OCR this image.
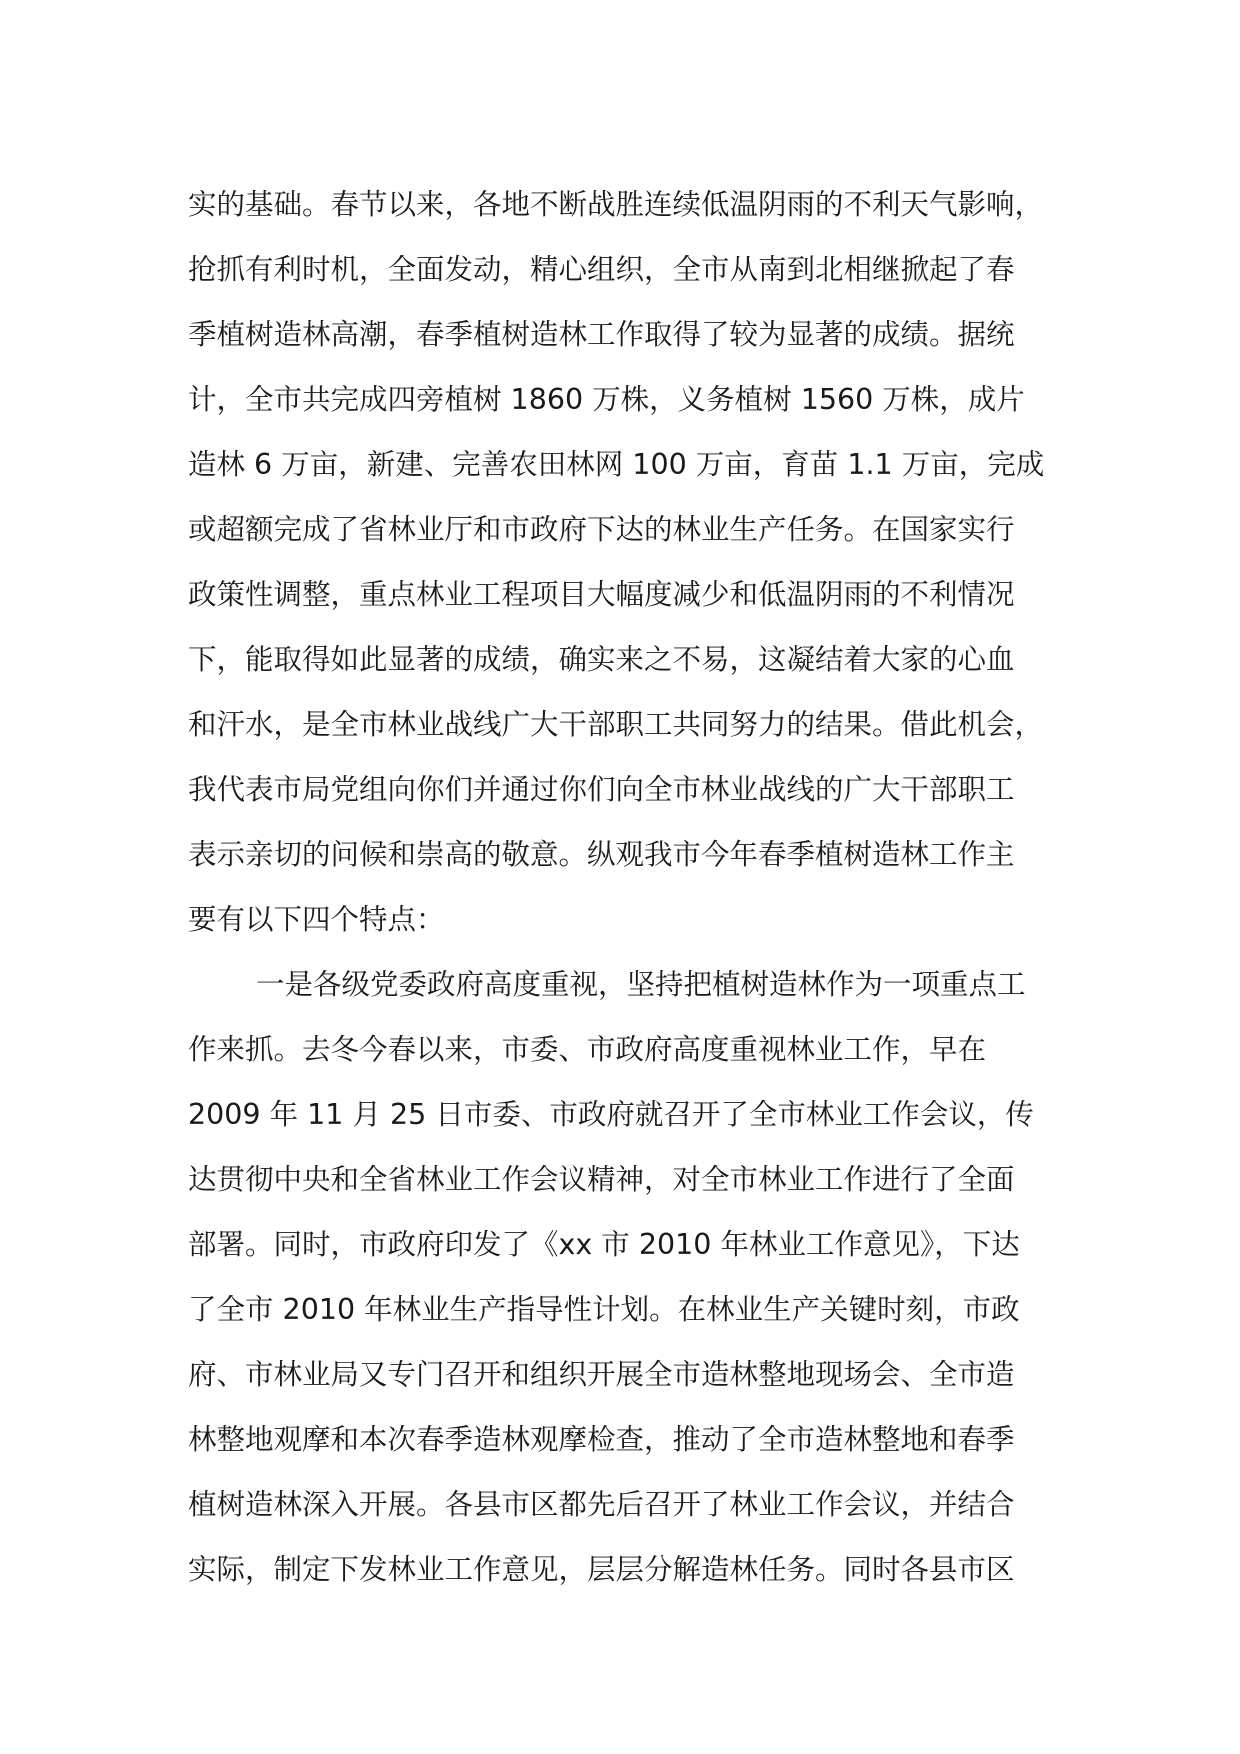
实的基础。春节以来，各地不断战胜连续低温阴雨的不利天气影响，
抢抓有利时机，全面发动，精心组织，全市从南到北相继掀起了春
季植树造林高潮，春季植树造林工作取得了较为显著的成绩。据统
计，全市共完成四旁植树 1860 万株，义务植树 1560 万株，成片
造林 6 万亩，新建、完善农田林网 100 万亩，育苗 1.1 万亩，完成
或超额完成了省林业厅和市政府下达的林业生产任务。在国家实行
政策性调整，重点林业工程项目大幅度减少和低温阴雨的不利情况
下，能取得如此显著的成绩，确实来之不易，这凝结着大家的心血
和汗水，是全市林业战线广大干部职工共同努力的结果。借此机会，
我代表市局党组向你们并通过你们向全市林业战线的广大干部职工
表示亲切的问候和崇高的敬意。纵观我市今年春季植树造林工作主
要有以下四个特点：
一是各级党委政府高度重视，坚持把植树造林作为一项重点工
作来抓。去冬今春以来，市委、市政府高度重视林业工作，早在
2009 年 11 月 25 日市委、市政府就召开了全市林业工作会议，传
达贯彻中央和全省林业工作会议精神，对全市林业工作进行了全面
部署。同时，市政府印发了《xx 市 2010 年林业工作意见》，下达
了全市 2010 年林业生产指导性计划。在林业生产关键时刻，市政
府、市林业局又专门召开和组织开展全市造林整地现场会、全市造
林整地观摩和本次春季造林观摩检查，推动了全市造林整地和春季
植树造林深入开展。各县市区都先后召开了林业工作会议，并结合
实际，制定下发林业工作意见，层层分解造林任务。同时各县市区
